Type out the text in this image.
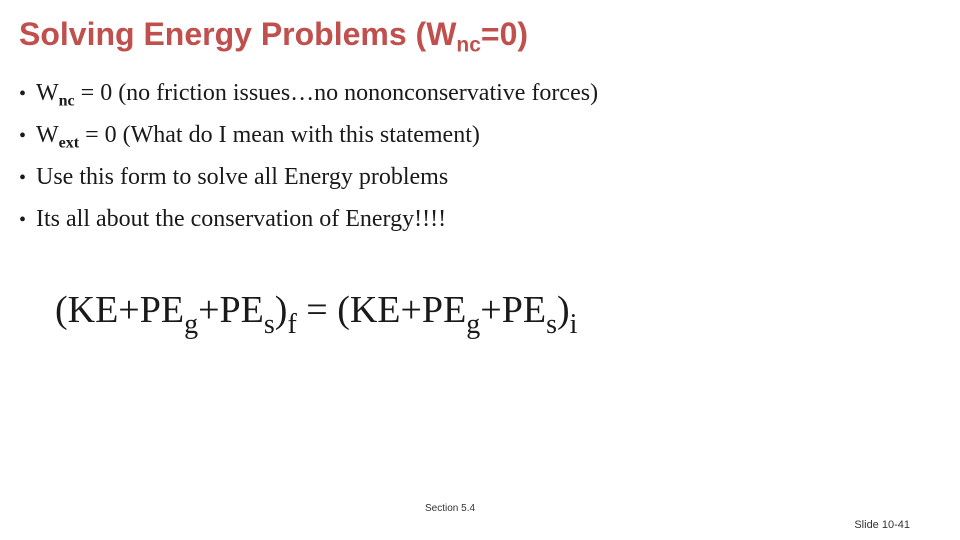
Solving Energy Problems $(W_{nc}=0)$
• $W_{nc} = 0$ (no friction issues…no nononconservative forces)
• $W_{ext} = 0$ (What do I mean with this statement)
• Use this form to solve all Energy problems
• Its all about the conservation of Energy!!!!
$(KE+PE_g+PE_s)_f = (KE+PE_g+PE_s)_i$
Section 5.4
Slide 10-41
